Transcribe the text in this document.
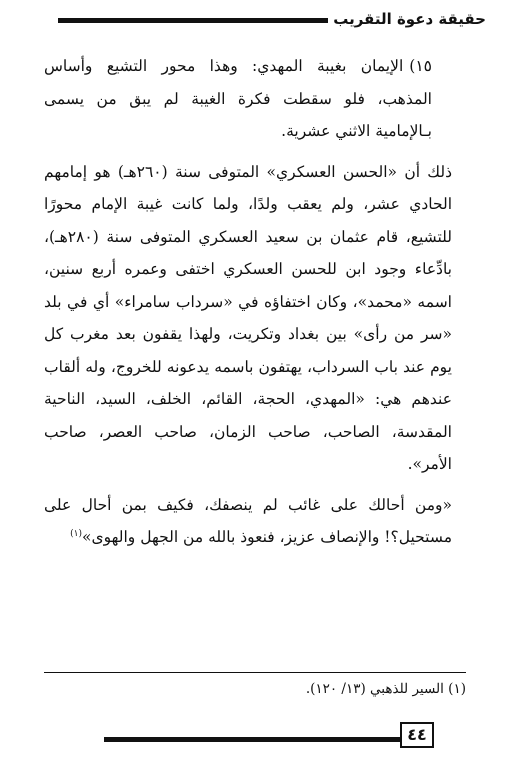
حقيقة دعوة التقريب

١٥)الإيمان بغيبة المهدي: وهذا محور التشيع وأساس المذهب، فلو سقطت فكرة الغيبة لم يبق من يسمى بـالإمامية الاثني عشرية.

ذلك أن «الحسن العسكري» المتوفى سنة (٢٦٠هـ) هو إمامهم الحادي عشر، ولم يعقب ولدًا، ولما كانت غيبة الإمام محورًا للتشيع، قام عثمان بن سعيد العسكري المتوفى سنة (٢٨٠هـ)، بادِّعاء وجود ابن للحسن العسكري اختفى وعمره أربع سنين، اسمه «محمد»، وكان اختفاؤه في «سرداب سامراء» أي في بلد «سر من رأى» بين بغداد وتكريت، ولهذا يقفون بعد مغرب كل يوم عند باب السرداب، يهتفون باسمه يدعونه للخروج، وله ألقاب عندهم هي: «المهدي، الحجة، القائم، الخلف، السيد، الناحية المقدسة، الصاحب، صاحب الزمان، صاحب العصر، صاحب الأمر».

«ومن أحالك على غائب لم ينصفك، فكيف بمن أحال على مستحيل؟! والإنصاف عزيز، فنعوذ بالله من الجهل والهوى»$^{(١)}$

(١) السير للذهبي (١٣/ ١٢٠).
٤٤
